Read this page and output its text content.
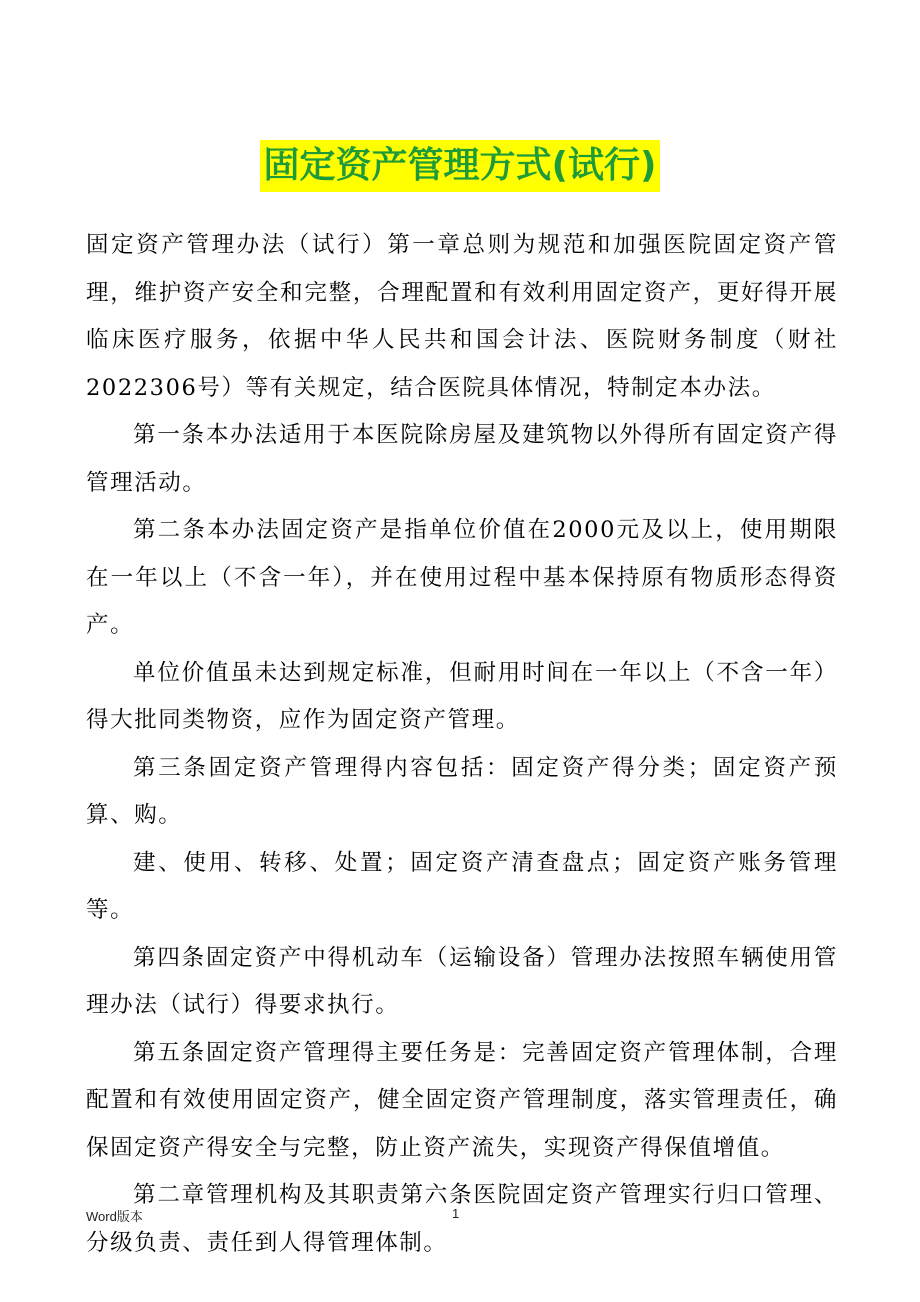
固定资产管理方式(试行)

固定资产管理办法（试行）第一章总则为规范和加强医院固定资产管理，维护资产安全和完整，合理配置和有效利用固定资产，更好得开展临床医疗服务，依据中华人民共和国会计法、医院财务制度（财社2022306号）等有关规定，结合医院具体情况，特制定本办法。

第一条本办法适用于本医院除房屋及建筑物以外得所有固定资产得管理活动。

第二条本办法固定资产是指单位价值在2000元及以上，使用期限在一年以上（不含一年），并在使用过程中基本保持原有物质形态得资产。

单位价值虽未达到规定标准，但耐用时间在一年以上（不含一年）得大批同类物资，应作为固定资产管理。

第三条固定资产管理得内容包括：固定资产得分类；固定资产预算、购。

建、使用、转移、处置；固定资产清查盘点；固定资产账务管理等。

第四条固定资产中得机动车（运输设备）管理办法按照车辆使用管理办法（试行）得要求执行。

第五条固定资产管理得主要任务是：完善固定资产管理体制，合理配置和有效使用固定资产，健全固定资产管理制度，落实管理责任，确保固定资产得安全与完整，防止资产流失，实现资产得保值增值。

第二章管理机构及其职责第六条医院固定资产管理实行归口管理、分级负责、责任到人得管理体制。

Word版本	1
